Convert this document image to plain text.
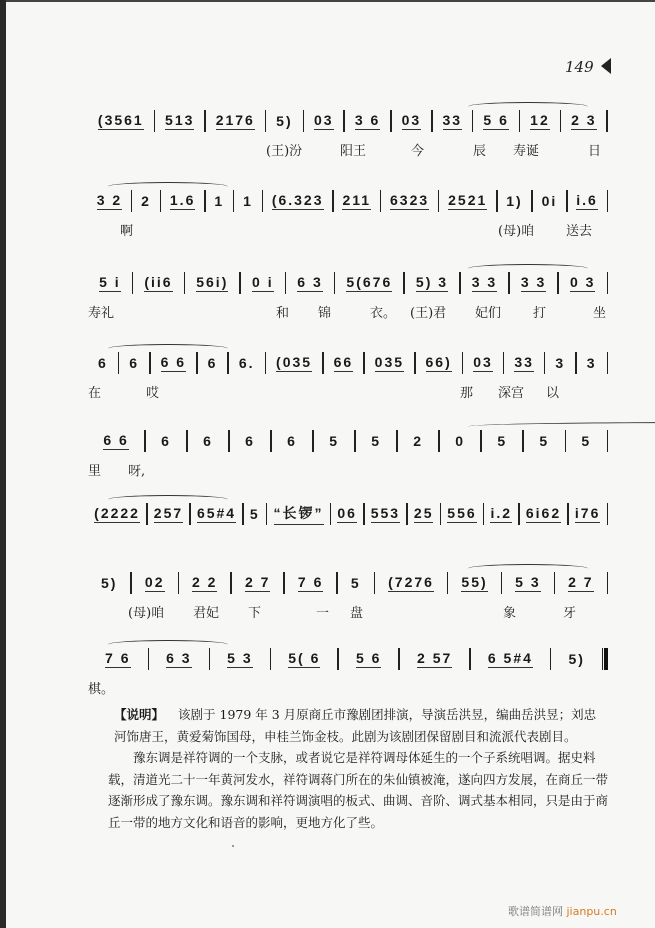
149
(3561 513 2176 5) 03 3 6 03 33 5 6 12 2 3
(王)汾	阳王	今	辰 寿诞	日
3 2 2 1.6 1 1 (6.323 211 6323 2521 1) 0i i.6
啊	(母)咱 送去
5 i (ii6 56i) 0 i 6 3 5(676 5) 3 3 3 3 3 0 3
寿礼	和 锦	衣。 (王)君 妃们 打	坐
6 6 6 6 6 6. (035 66 035 66) 03 33 3 3
在	哎	那 深宫 以
6 6 6 6 6 6 5 5 2 0 5 5 5
里 呀,
(2222 257 65#4 5 “长锣” 06 553 25 556 i.2 6i62 i76
5) 02 2 2 2 7 7 6 5 (7276 55) 5 3 2 7
(母)咱 君妃 下	一 盘	象	牙
7 6	6 3	5 3	5( 6	5 6	2 57	6 5#4	5)
棋。

【说明】 该剧于 1979 年 3 月原商丘市豫剧团排演，导演岳洪昱，编曲岳洪昱；刘忠河饰唐王，黄爱菊饰国母，申桂兰饰金枝。此剧为该剧团保留剧目和流派代表剧目。

豫东调是祥符调的一个支脉，或者说它是祥符调母体延生的一个子系统唱调。据史料载，清道光二十一年黄河发水，祥符调蒋门所在的朱仙镇被淹，遂向四方发展，在商丘一带逐渐形成了豫东调。豫东调和祥符调演唱的板式、曲调、音阶、调式基本相同，只是由于商丘一带的地方文化和语音的影响，更地方化了些。

歌谱简谱网 jianpu.cn
